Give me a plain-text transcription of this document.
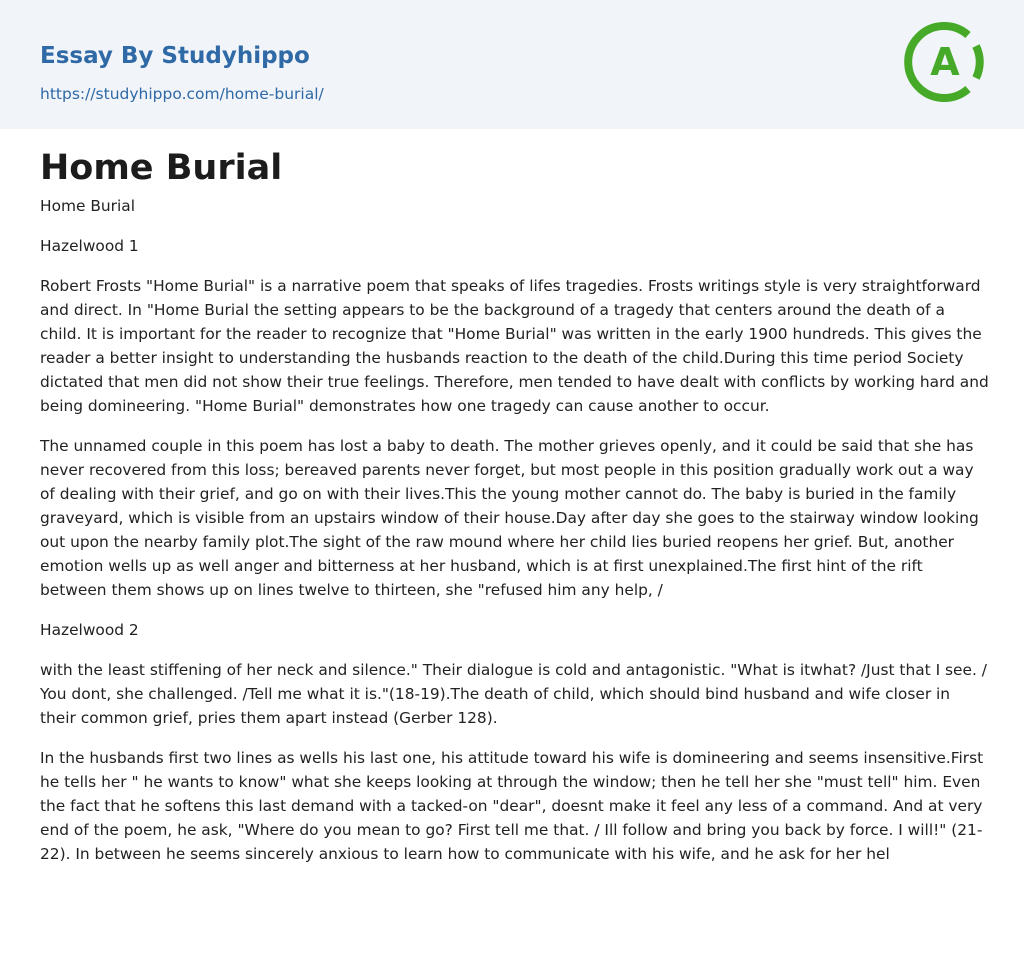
Essay By Studyhippo
https://studyhippo.com/home-burial/
A
Home Burial

Home Burial

Hazelwood 1

Robert Frosts "Home Burial" is a narrative poem that speaks of lifes tragedies. Frosts writings style is very straightforward and direct. In "Home Burial the setting appears to be the background of a tragedy that centers around the death of a child. It is important for the reader to recognize that "Home Burial" was written in the early 1900 hundreds. This gives the reader a better insight to understanding the husbands reaction to the death of the child.During this time period Society dictated that men did not show their true feelings. Therefore, men tended to have dealt with conflicts by working hard and being domineering. "Home Burial" demonstrates how one tragedy can cause another to occur.

The unnamed couple in this poem has lost a baby to death. The mother grieves openly, and it could be said that she has never recovered from this loss; bereaved parents never forget, but most people in this position gradually work out a way of dealing with their grief, and go on with their lives.This the young mother cannot do. The baby is buried in the family graveyard, which is visible from an upstairs window of their house.Day after day she goes to the stairway window looking out upon the nearby family plot.The sight of the raw mound where her child lies buried reopens her grief. But, another emotion wells up as well anger and bitterness at her husband, which is at first unexplained.The first hint of the rift between them shows up on lines twelve to thirteen, she "refused him any help, /

Hazelwood 2

with the least stiffening of her neck and silence." Their dialogue is cold and antagonistic. "What is itwhat? /Just that I see. / You dont, she challenged. /Tell me what it is."(18-19).The death of child, which should bind husband and wife closer in their common grief, pries them apart instead (Gerber 128).

In the husbands first two lines as wells his last one, his attitude toward his wife is domineering and seems insensitive.First he tells her " he wants to know" what she keeps looking at through the window; then he tell her she "must tell" him. Even the fact that he softens this last demand with a tacked-on "dear", doesnt make it feel any less of a command. And at very end of the poem, he ask, "Where do you mean to go? First tell me that. / Ill follow and bring you back by force. I will!" (21-22). In between he seems sincerely anxious to learn how to communicate with his wife, and he ask for her hel
